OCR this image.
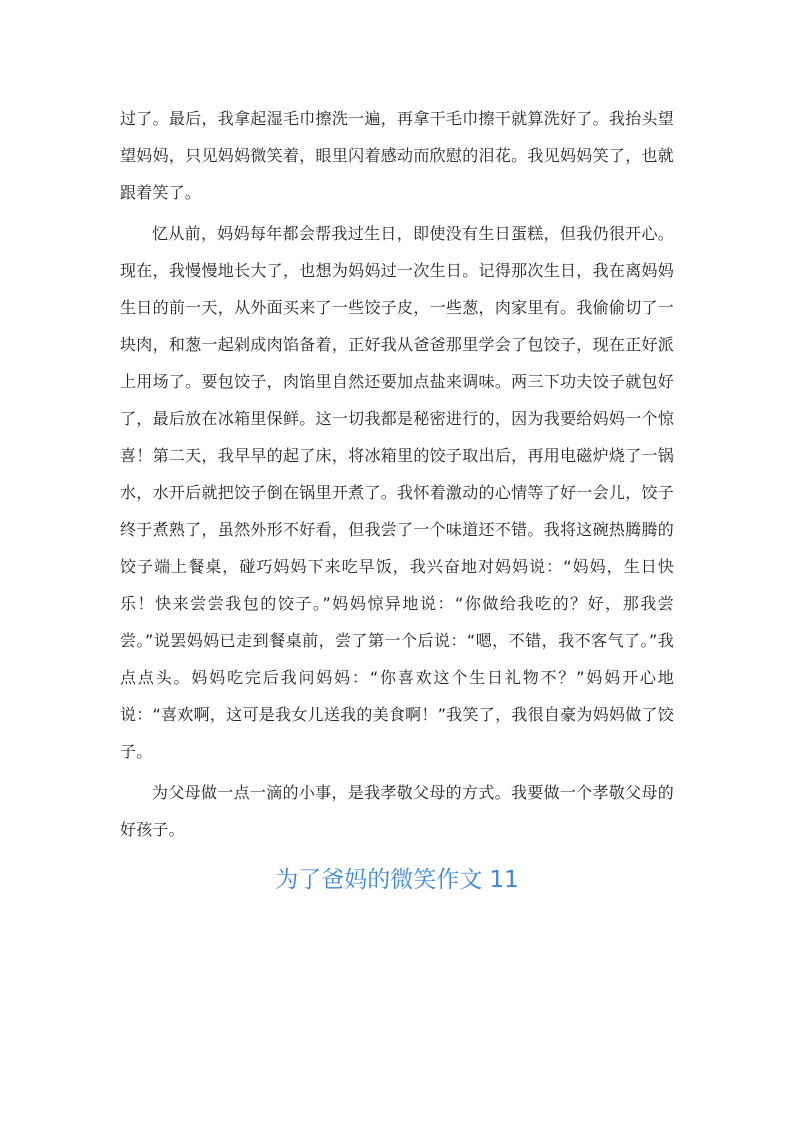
过了。最后，我拿起湿毛巾擦洗一遍，再拿干毛巾擦干就算洗好了。我抬头望望妈妈，只见妈妈微笑着，眼里闪着感动而欣慰的泪花。我见妈妈笑了，也就跟着笑了。

忆从前，妈妈每年都会帮我过生日，即使没有生日蛋糕，但我仍很开心。现在，我慢慢地长大了，也想为妈妈过一次生日。记得那次生日，我在离妈妈生日的前一天，从外面买来了一些饺子皮，一些葱，肉家里有。我偷偷切了一块肉，和葱一起剁成肉馅备着，正好我从爸爸那里学会了包饺子，现在正好派上用场了。要包饺子，肉馅里自然还要加点盐来调味。两三下功夫饺子就包好了，最后放在冰箱里保鲜。这一切我都是秘密进行的，因为我要给妈妈一个惊喜！第二天，我早早的起了床，将冰箱里的饺子取出后，再用电磁炉烧了一锅水，水开后就把饺子倒在锅里开煮了。我怀着激动的心情等了好一会儿，饺子终于煮熟了，虽然外形不好看，但我尝了一个味道还不错。我将这碗热腾腾的饺子端上餐桌，碰巧妈妈下来吃早饭，我兴奋地对妈妈说：“妈妈，生日快乐！快来尝尝我包的饺子。”妈妈惊异地说：“你做给我吃的？好，那我尝尝。”说罢妈妈已走到餐桌前，尝了第一个后说：“嗯，不错，我不客气了。”我点点头。妈妈吃完后我问妈妈：“你喜欢这个生日礼物不？”妈妈开心地说：“喜欢啊，这可是我女儿送我的美食啊！”我笑了，我很自豪为妈妈做了饺子。

为父母做一点一滴的小事，是我孝敬父母的方式。我要做一个孝敬父母的好孩子。

为了爸妈的微笑作文 11
